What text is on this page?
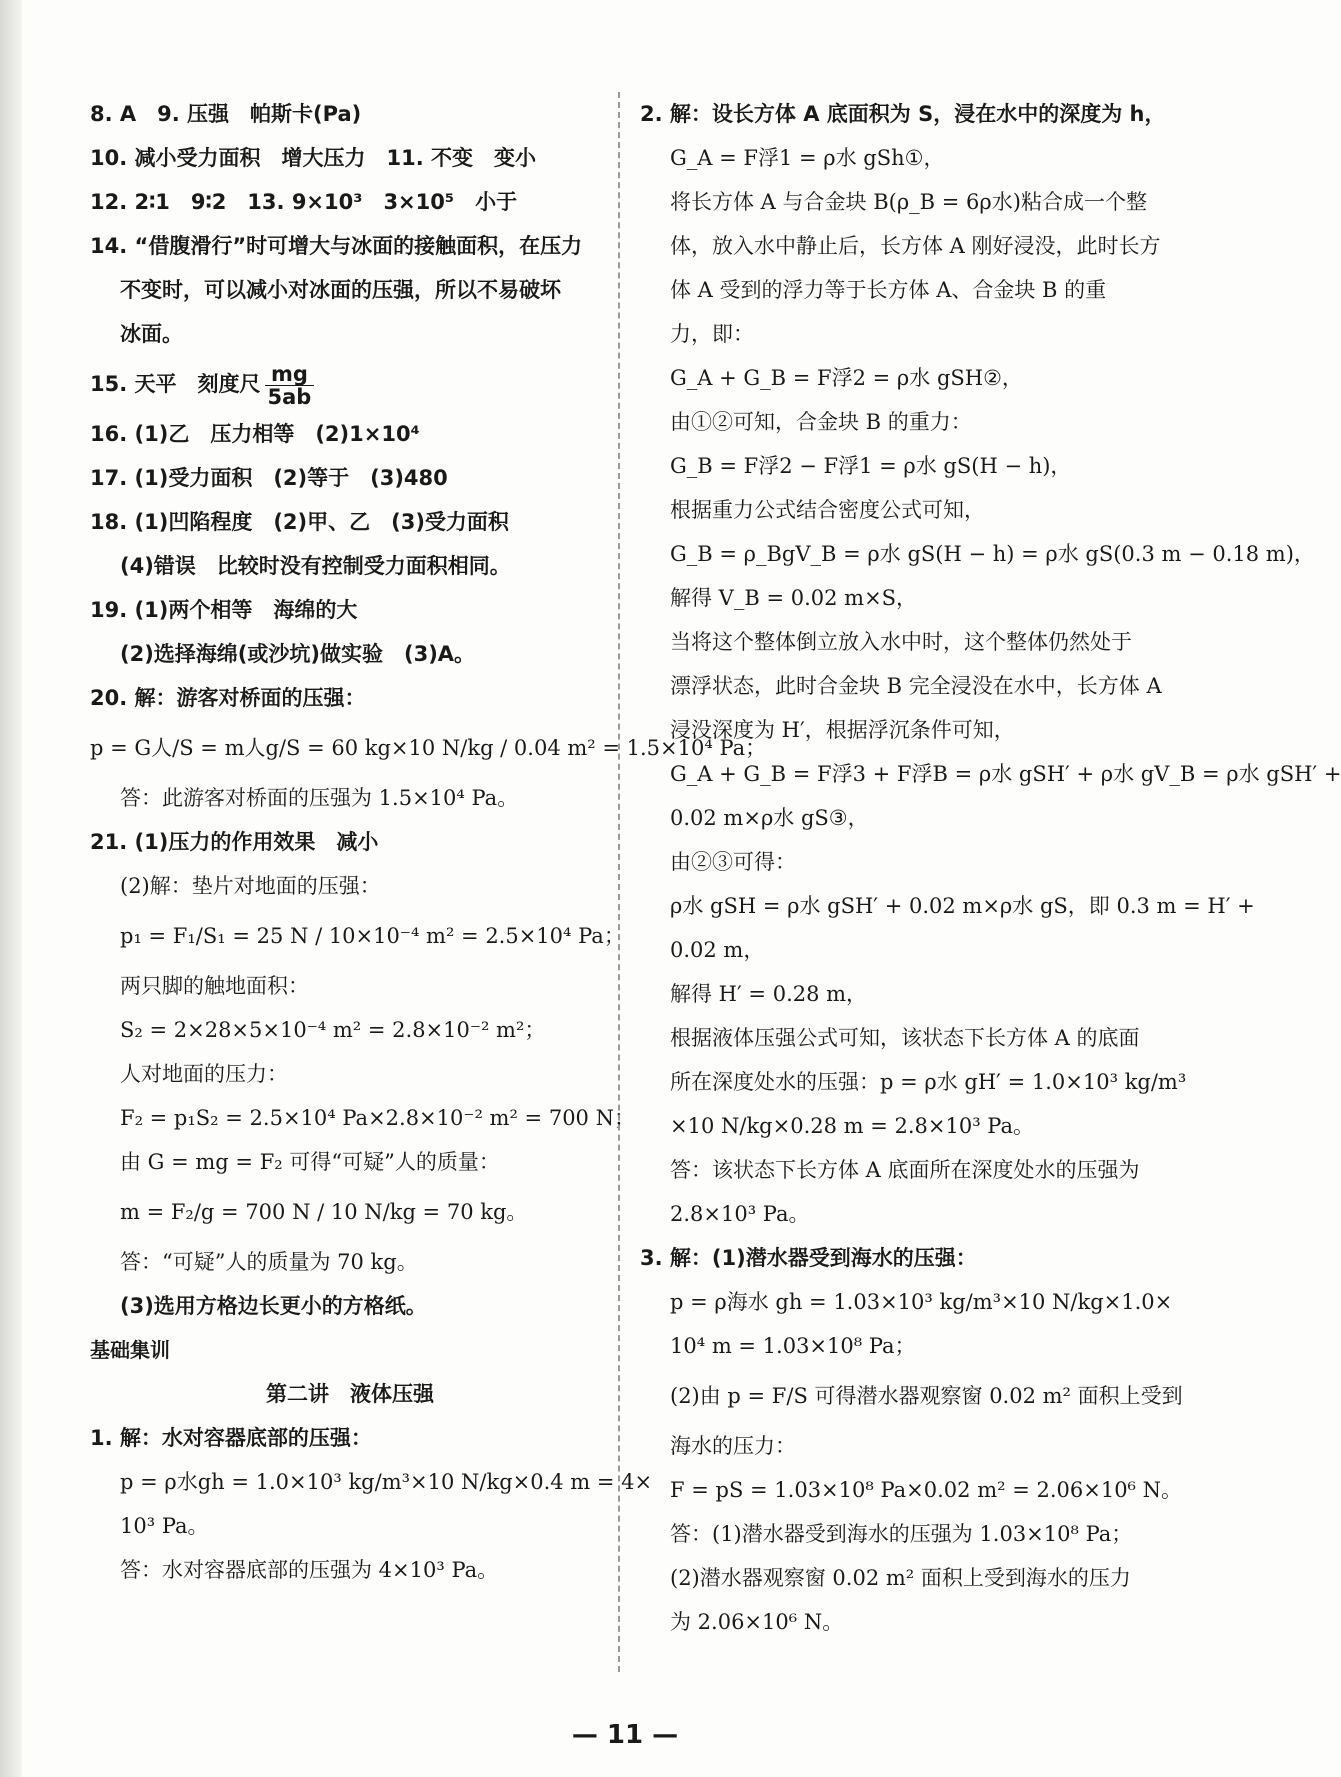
8. A　9. 压强　帕斯卡(Pa)
10. 减小受力面积　增大压力　11. 不变　变小
12. 2∶1　9∶2　13. 9×10³　3×10⁵　小于
14. “借腹滑行”时可增大与冰面的接触面积，在压力
不变时，可以减小对冰面的压强，所以不易破坏
冰面。
15. 天平　刻度尺 $\frac{mg}{5ab}$
16. (1)乙　压力相等　(2)1×10⁴
17. (1)受力面积　(2)等于　(3)480
18. (1)凹陷程度　(2)甲、乙　(3)受力面积
(4)错误　比较时没有控制受力面积相同。
19. (1)两个相等　海绵的大
(2)选择海绵(或沙坑)做实验　(3)A。
20. 解：游客对桥面的压强：
p = G人/S = m人g/S = 60 kg×10 N/kg / 0.04 m² = 1.5×10⁴ Pa；
答：此游客对桥面的压强为 1.5×10⁴ Pa。
21. (1)压力的作用效果　减小
(2)解：垫片对地面的压强：
p₁ = F₁/S₁ = 25 N / 10×10⁻⁴ m² = 2.5×10⁴ Pa；
两只脚的触地面积：
S₂ = 2×28×5×10⁻⁴ m² = 2.8×10⁻² m²；
人对地面的压力：
F₂ = p₁S₂ = 2.5×10⁴ Pa×2.8×10⁻² m² = 700 N；
由 G = mg = F₂ 可得“可疑”人的质量：
m = F₂/g = 700 N / 10 N/kg = 70 kg。
答：“可疑”人的质量为 70 kg。
(3)选用方格边长更小的方格纸。
基础集训
第二讲　液体压强
1. 解：水对容器底部的压强：
p = ρ水gh = 1.0×10³ kg/m³×10 N/kg×0.4 m = 4×
10³ Pa。
答：水对容器底部的压强为 4×10³ Pa。
2. 解：设长方体 A 底面积为 S，浸在水中的深度为 h，
G_A = F浮1 = ρ水 gSh①，
将长方体 A 与合金块 B(ρ_B = 6ρ水)粘合成一个整
体，放入水中静止后，长方体 A 刚好浸没，此时长方
体 A 受到的浮力等于长方体 A、合金块 B 的重
力，即：
G_A + G_B = F浮2 = ρ水 gSH②，
由①②可知，合金块 B 的重力：
G_B = F浮2 − F浮1 = ρ水 gS(H − h)，
根据重力公式结合密度公式可知，
G_B = ρ_BgV_B = ρ水 gS(H − h) = ρ水 gS(0.3 m − 0.18 m)，
解得 V_B = 0.02 m×S，
当将这个整体倒立放入水中时，这个整体仍然处于
漂浮状态，此时合金块 B 完全浸没在水中，长方体 A
浸没深度为 H′，根据浮沉条件可知，
G_A + G_B = F浮3 + F浮B = ρ水 gSH′ + ρ水 gV_B = ρ水 gSH′ +
0.02 m×ρ水 gS③，
由②③可得：
ρ水 gSH = ρ水 gSH′ + 0.02 m×ρ水 gS，即 0.3 m = H′ +
0.02 m，
解得 H′ = 0.28 m，
根据液体压强公式可知，该状态下长方体 A 的底面
所在深度处水的压强：p = ρ水 gH′ = 1.0×10³ kg/m³
×10 N/kg×0.28 m = 2.8×10³ Pa。
答：该状态下长方体 A 底面所在深度处水的压强为
2.8×10³ Pa。
3. 解：(1)潜水器受到海水的压强：
p = ρ海水 gh = 1.03×10³ kg/m³×10 N/kg×1.0×
10⁴ m = 1.03×10⁸ Pa；
(2)由 p = F/S 可得潜水器观察窗 0.02 m² 面积上受到
海水的压力：
F = pS = 1.03×10⁸ Pa×0.02 m² = 2.06×10⁶ N。
答：(1)潜水器受到海水的压强为 1.03×10⁸ Pa；
(2)潜水器观察窗 0.02 m² 面积上受到海水的压力
为 2.06×10⁶ N。
— 11 —
